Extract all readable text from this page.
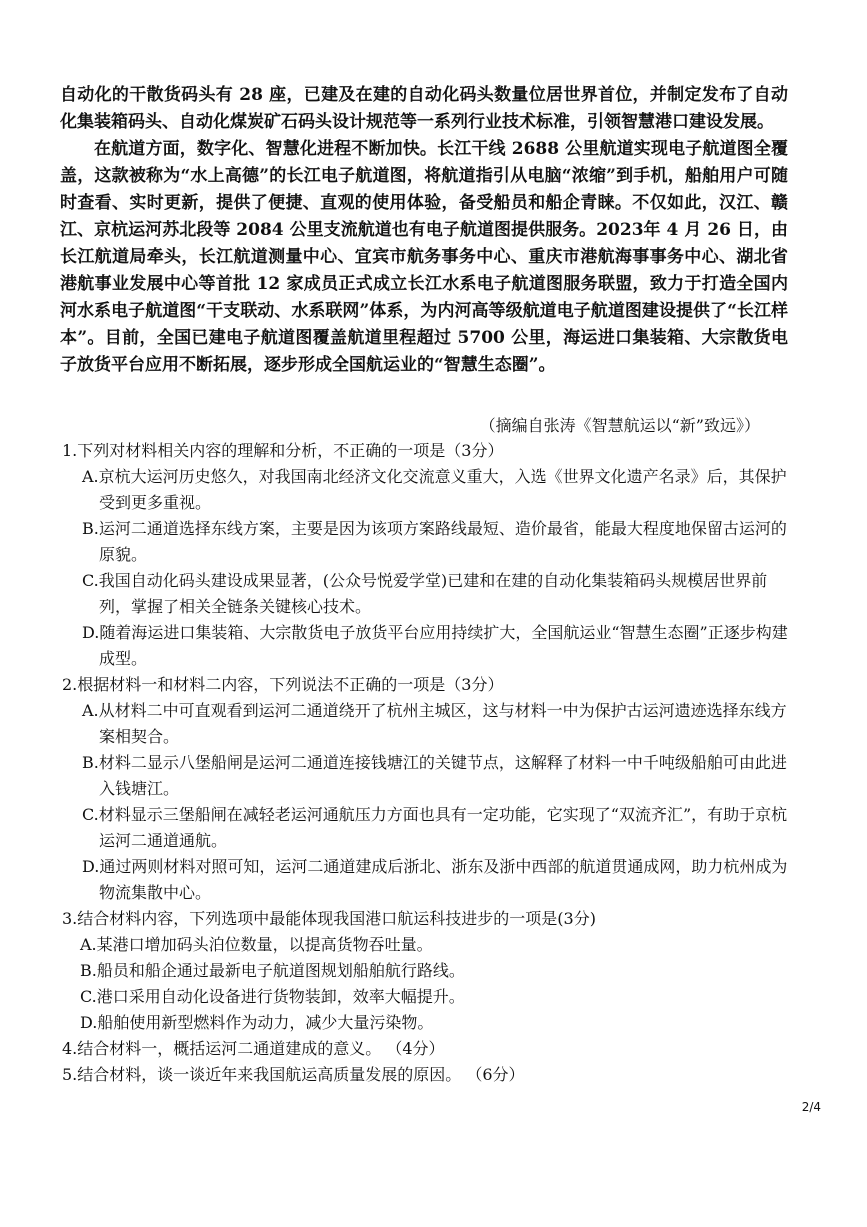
自动化的干散货码头有 28 座，已建及在建的自动化码头数量位居世界首位，并制定发布了自动化集装箱码头、自动化煤炭矿石码头设计规范等一系列行业技术标准，引领智慧港口建设发展。

在航道方面，数字化、智慧化进程不断加快。长江干线 2688 公里航道实现电子航道图全覆盖，这款被称为“水上高德”的长江电子航道图，将航道指引从电脑“浓缩”到手机，船舶用户可随时查看、实时更新，提供了便捷、直观的使用体验，备受船员和船企青睐。不仅如此，汉江、赣江、京杭运河苏北段等 2084 公里支流航道也有电子航道图提供服务。2023年 4 月 26 日，由长江航道局牵头，长江航道测量中心、宜宾市航务事务中心、重庆市港航海事事务中心、湖北省港航事业发展中心等首批 12 家成员正式成立长江水系电子航道图服务联盟，致力于打造全国内河水系电子航道图“干支联动、水系联网”体系，为内河高等级航道电子航道图建设提供了“长江样本”。目前，全国已建电子航道图覆盖航道里程超过 5700 公里，海运进口集装箱、大宗散货电子放货平台应用不断拓展，逐步形成全国航运业的“智慧生态圈”。

（摘编自张涛《智慧航运以“新”致远》）

1.下列对材料相关内容的理解和分析，不正确的一项是（3分）

A.京杭大运河历史悠久，对我国南北经济文化交流意义重大，入选《世界文化遗产名录》后，其保护受到更多重视。

B.运河二通道选择东线方案，主要是因为该项方案路线最短、造价最省，能最大程度地保留古运河的原貌。

C.我国自动化码头建设成果显著，(公众号悦爱学堂)已建和在建的自动化集装箱码头规模居世界前列，掌握了相关全链条关键核心技术。

D.随着海运进口集装箱、大宗散货电子放货平台应用持续扩大，全国航运业“智慧生态圈”正逐步构建成型。

2.根据材料一和材料二内容，下列说法不正确的一项是（3分）

A.从材料二中可直观看到运河二通道绕开了杭州主城区，这与材料一中为保护古运河遗迹选择东线方案相契合。

B.材料二显示八堡船闸是运河二通道连接钱塘江的关键节点，这解释了材料一中千吨级船舶可由此进入钱塘江。

C.材料显示三堡船闸在减轻老运河通航压力方面也具有一定功能，它实现了“双流齐汇”，有助于京杭运河二通道通航。

D.通过两则材料对照可知，运河二通道建成后浙北、浙东及浙中西部的航道贯通成网，助力杭州成为物流集散中心。

3.结合材料内容，下列选项中最能体现我国港口航运科技进步的一项是(3分)

A.某港口增加码头泊位数量，以提高货物吞吐量。

B.船员和船企通过最新电子航道图规划船舶航行路线。

C.港口采用自动化设备进行货物装卸，效率大幅提升。

D.船舶使用新型燃料作为动力，减少大量污染物。

4.结合材料一，概括运河二通道建成的意义。 （4分）

5.结合材料，谈一谈近年来我国航运高质量发展的原因。 （6分）

2/4
